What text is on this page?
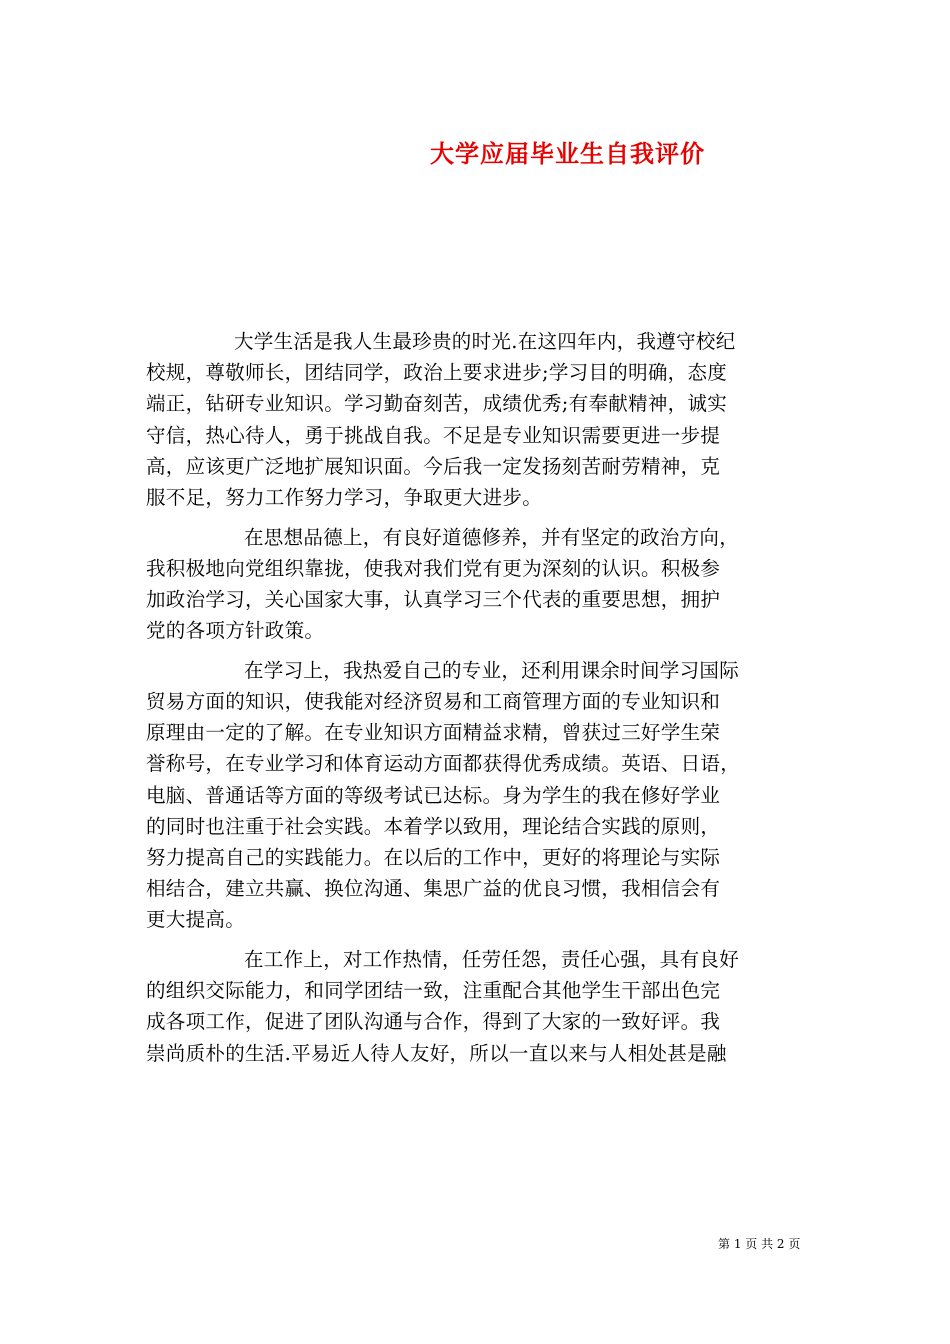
大学应届毕业生自我评价
大学生活是我人生最珍贵的时光.在这四年内，我遵守校纪
校规，尊敬师长，团结同学，政治上要求进步;学习目的明确，态度
端正，钻研专业知识。学习勤奋刻苦，成绩优秀;有奉献精神，诚实
守信，热心待人，勇于挑战自我。不足是专业知识需要更进一步提
高，应该更广泛地扩展知识面。今后我一定发扬刻苦耐劳精神，克
服不足，努力工作努力学习，争取更大进步。
在思想品德上，有良好道德修养，并有坚定的政治方向，
我积极地向党组织靠拢，使我对我们党有更为深刻的认识。积极参
加政治学习，关心国家大事，认真学习三个代表的重要思想，拥护
党的各项方针政策。
在学习上，我热爱自己的专业，还利用课余时间学习国际
贸易方面的知识，使我能对经济贸易和工商管理方面的专业知识和
原理由一定的了解。在专业知识方面精益求精，曾获过三好学生荣
誉称号，在专业学习和体育运动方面都获得优秀成绩。英语、日语，
电脑、普通话等方面的等级考试已达标。身为学生的我在修好学业
的同时也注重于社会实践。本着学以致用，理论结合实践的原则，
努力提高自己的实践能力。在以后的工作中，更好的将理论与实际
相结合，建立共赢、换位沟通、集思广益的优良习惯，我相信会有
更大提高。
在工作上，对工作热情，任劳任怨，责任心强，具有良好
的组织交际能力，和同学团结一致，注重配合其他学生干部出色完
成各项工作，促进了团队沟通与合作，得到了大家的一致好评。我
崇尚质朴的生活.平易近人待人友好，所以一直以来与人相处甚是融
第 1 页 共 2 页
